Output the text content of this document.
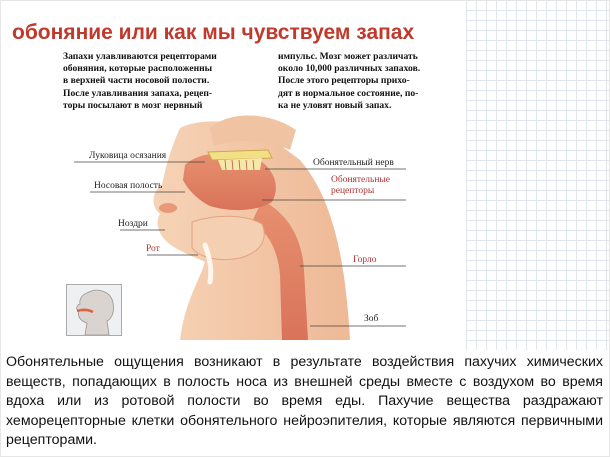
обоняние или как мы чувствуем запах
Запахи улавливаются рецепторами
обоняния, которые расположенны
в верхней части носовой полости.
После улавливания запаха, рецеп-
торы посылают в мозг нервный
импульс. Мозг может различать
около 10,000 различных запахов.
После этого рецепторы прихо-
дят в нормальное состояние, по-
ка не уловят новый запах.
Луковица осязания
Носовая полость
Ноздри
Рот
Обонятельный нерв
Обонятельные
рецепторы
Горло
Зоб

Обонятельные ощущения возникают в результате воздействия пахучих химических веществ, попадающих в полость носа из внешней среды вместе с воздухом во время вдоха или из ротовой полости во время еды. Пахучие вещества раздражают хеморецепторные клетки обонятельного нейроэпителия, которые являются первичными рецепторами.
